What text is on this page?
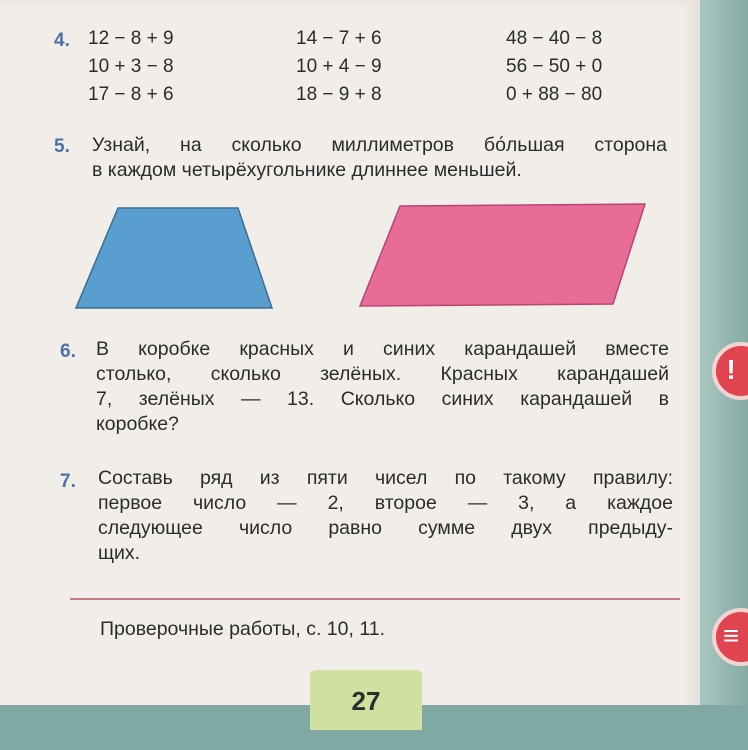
4. 12 − 8 + 9
10 + 3 − 8
17 − 8 + 6
14 − 7 + 6
10 + 4 − 9
18 − 9 + 8
48 − 40 − 8
56 − 50 + 0
0 + 88 − 80
5. Узнай, на сколько миллиметров бо́льшая сторона
в каждом четырёхугольнике длиннее меньшей.
6. В коробке красных и синих карандашей вместе
столько, сколько зелёных. Красных карандашей
7, зелёных — 13. Сколько синих карандашей в
коробке?
7. Составь ряд из пяти чисел по такому правилу:
первое число — 2, второе — 3, а каждое
следующее число равно сумме двух предыду-
щих.
Проверочные работы, с. 10, 11.
27
!
≡
